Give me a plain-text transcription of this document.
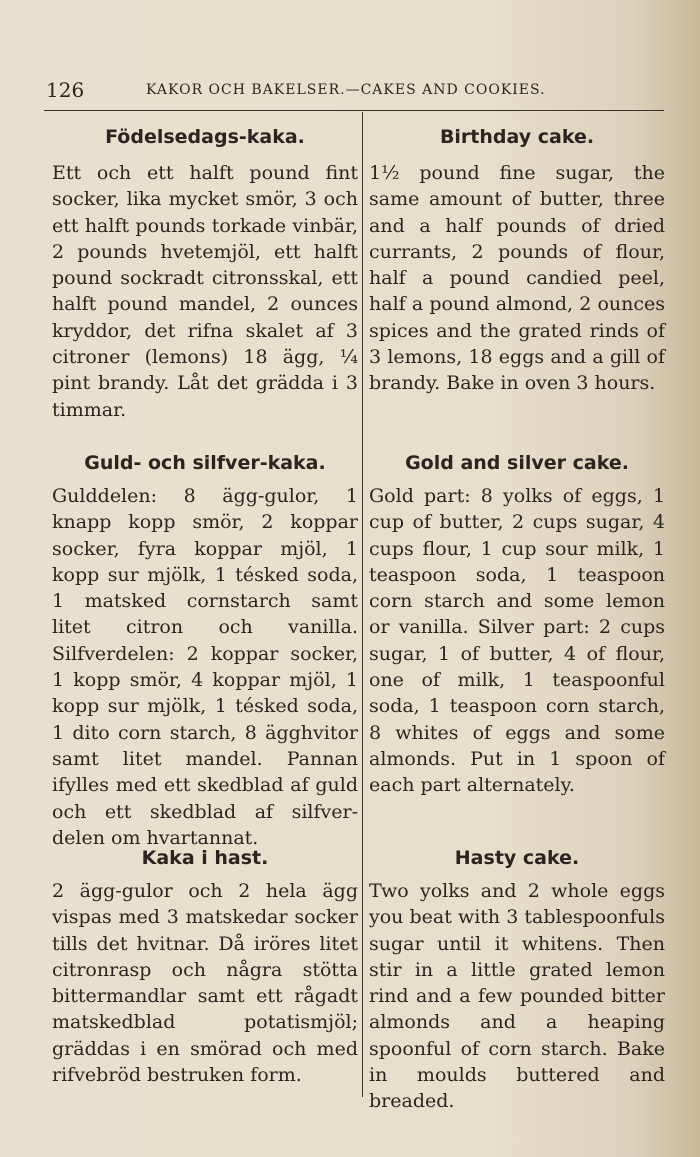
126	KAKOR OCH BAKELSER.—CAKES AND COOKIES.
Födelsedags-kaka.
Ett och ett halft pound fint socker, lika mycket smör, 3 och ett halft pounds torkade vinbär, 2 pounds hvetemjöl, ett halft pound sockradt citronsskal, ett halft pound mandel, 2 ounces kryddor, det rifna skalet af 3 citroner (lemons) 18 ägg, ¼ pint brandy. Låt det grädda i 3 timmar.
Birthday cake.
1½ pound fine sugar, the same amount of butter, three and a half pounds of dried currants, 2 pounds of flour, half a pound candied peel, half a pound almond, 2 ounces spices and the grated rinds of 3 lemons, 18 eggs and a gill of brandy. Bake in oven 3 hours.
Guld- och silfver-kaka.
Gulddelen: 8 ägg-gulor, 1 knapp kopp smör, 2 koppar socker, fyra koppar mjöl, 1 kopp sur mjölk, 1 tésked soda, 1 matsked cornstarch samt litet citron och vanilla. Silfverdelen: 2 koppar socker, 1 kopp smör, 4 koppar mjöl, 1 kopp sur mjölk, 1 tésked soda, 1 dito corn starch, 8 ägghvitor samt litet mandel. Pannan ifylles med ett skedblad af guld och ett skedblad af silfver-delen om hvartannat.
Gold and silver cake.
Gold part: 8 yolks of eggs, 1 cup of butter, 2 cups sugar, 4 cups flour, 1 cup sour milk, 1 teaspoon soda, 1 teaspoon corn starch and some lemon or vanilla. Silver part: 2 cups sugar, 1 of butter, 4 of flour, one of milk, 1 teaspoonful soda, 1 teaspoon corn starch, 8 whites of eggs and some almonds. Put in 1 spoon of each part alternately.
Kaka i hast.
2 ägg-gulor och 2 hela ägg vispas med 3 matskedar socker tills det hvitnar. Då iröres litet citronrasp och några stötta bittermandlar samt ett rågadt matskedblad potatismjöl; gräddas i en smörad och med rifvebröd bestruken form.
Hasty cake.
Two yolks and 2 whole eggs you beat with 3 tablespoonfuls sugar until it whitens. Then stir in a little grated lemon rind and a few pounded bitter almonds and a heaping spoonful of corn starch. Bake in moulds buttered and breaded.
